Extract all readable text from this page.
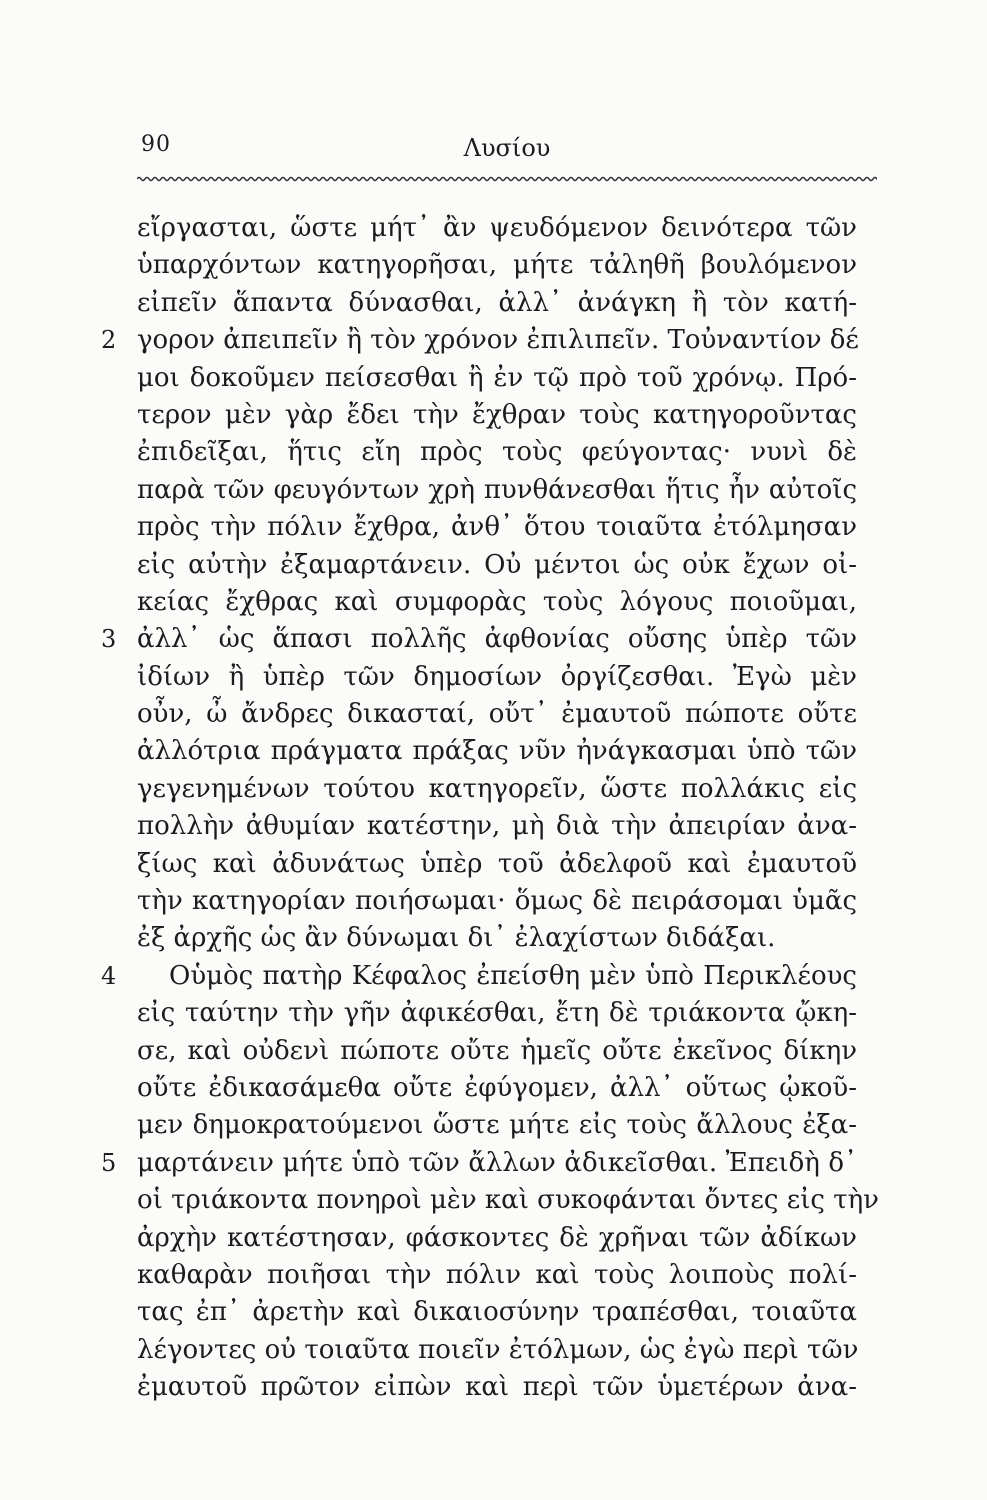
90	Λυσίου
εἴργασται, ὥστε μήτ᾽ ἂν ψευδόμενον δεινότερα τῶν
ὑπαρχόντων κατηγορῆσαι, μήτε τἀληθῆ βουλόμενον
εἰπεῖν ἅπαντα δύνασθαι, ἀλλ᾽ ἀνάγκη ἢ τὸν κατή-
2 γορον ἀπειπεῖν ἢ τὸν χρόνον ἐπιλιπεῖν. Τοὐναντίον δέ
μοι δοκοῦμεν πείσεσθαι ἢ ἐν τῷ πρὸ τοῦ χρόνῳ. Πρό-
τερον μὲν γὰρ ἔδει τὴν ἔχθραν τοὺς κατηγοροῦντας
ἐπιδεῖξαι, ἥτις εἴη πρὸς τοὺς φεύγοντας· νυνὶ δὲ
παρὰ τῶν φευγόντων χρὴ πυνθάνεσθαι ἥτις ἦν αὐτοῖς
πρὸς τὴν πόλιν ἔχθρα, ἀνθ᾽ ὅτου τοιαῦτα ἐτόλμησαν
εἰς αὐτὴν ἐξαμαρτάνειν. Οὐ μέντοι ὡς οὐκ ἔχων οἰ-
κείας ἔχθρας καὶ συμφορὰς τοὺς λόγους ποιοῦμαι,
3 ἀλλ᾽ ὡς ἅπασι πολλῆς ἀφθονίας οὔσης ὑπὲρ τῶν
ἰδίων ἢ ὑπὲρ τῶν δημοσίων ὀργίζεσθαι. Ἐγὼ μὲν
οὖν, ὦ ἄνδρες δικασταί, οὔτ᾽ ἐμαυτοῦ πώποτε οὔτε
ἀλλότρια πράγματα πράξας νῦν ἠνάγκασμαι ὑπὸ τῶν
γεγενημένων τούτου κατηγορεῖν, ὥστε πολλάκις εἰς
πολλὴν ἀθυμίαν κατέστην, μὴ διὰ τὴν ἀπειρίαν ἀνα-
ξίως καὶ ἀδυνάτως ὑπὲρ τοῦ ἀδελφοῦ καὶ ἐμαυτοῦ
τὴν κατηγορίαν ποιήσωμαι· ὅμως δὲ πειράσομαι ὑμᾶς
ἐξ ἀρχῆς ὡς ἂν δύνωμαι δι᾽ ἐλαχίστων διδάξαι.
4 Οὑμὸς πατὴρ Κέφαλος ἐπείσθη μὲν ὑπὸ Περικλέους
εἰς ταύτην τὴν γῆν ἀφικέσθαι, ἔτη δὲ τριάκοντα ᾤκη-
σε, καὶ οὐδενὶ πώποτε οὔτε ἡμεῖς οὔτε ἐκεῖνος δίκην
οὔτε ἐδικασάμεθα οὔτε ἐφύγομεν, ἀλλ᾽ οὕτως ᾠκοῦ-
μεν δημοκρατούμενοι ὥστε μήτε εἰς τοὺς ἄλλους ἐξα-
5 μαρτάνειν μήτε ὑπὸ τῶν ἄλλων ἀδικεῖσθαι. Ἐπειδὴ δ᾽
οἱ τριάκοντα πονηροὶ μὲν καὶ συκοφάνται ὄντες εἰς τὴν
ἀρχὴν κατέστησαν, φάσκοντες δὲ χρῆναι τῶν ἀδίκων
καθαρὰν ποιῆσαι τὴν πόλιν καὶ τοὺς λοιποὺς πολί-
τας ἐπ᾽ ἀρετὴν καὶ δικαιοσύνην τραπέσθαι, τοιαῦτα
λέγοντες οὐ τοιαῦτα ποιεῖν ἐτόλμων, ὡς ἐγὼ περὶ τῶν
ἐμαυτοῦ πρῶτον εἰπὼν καὶ περὶ τῶν ὑμετέρων ἀνα-
